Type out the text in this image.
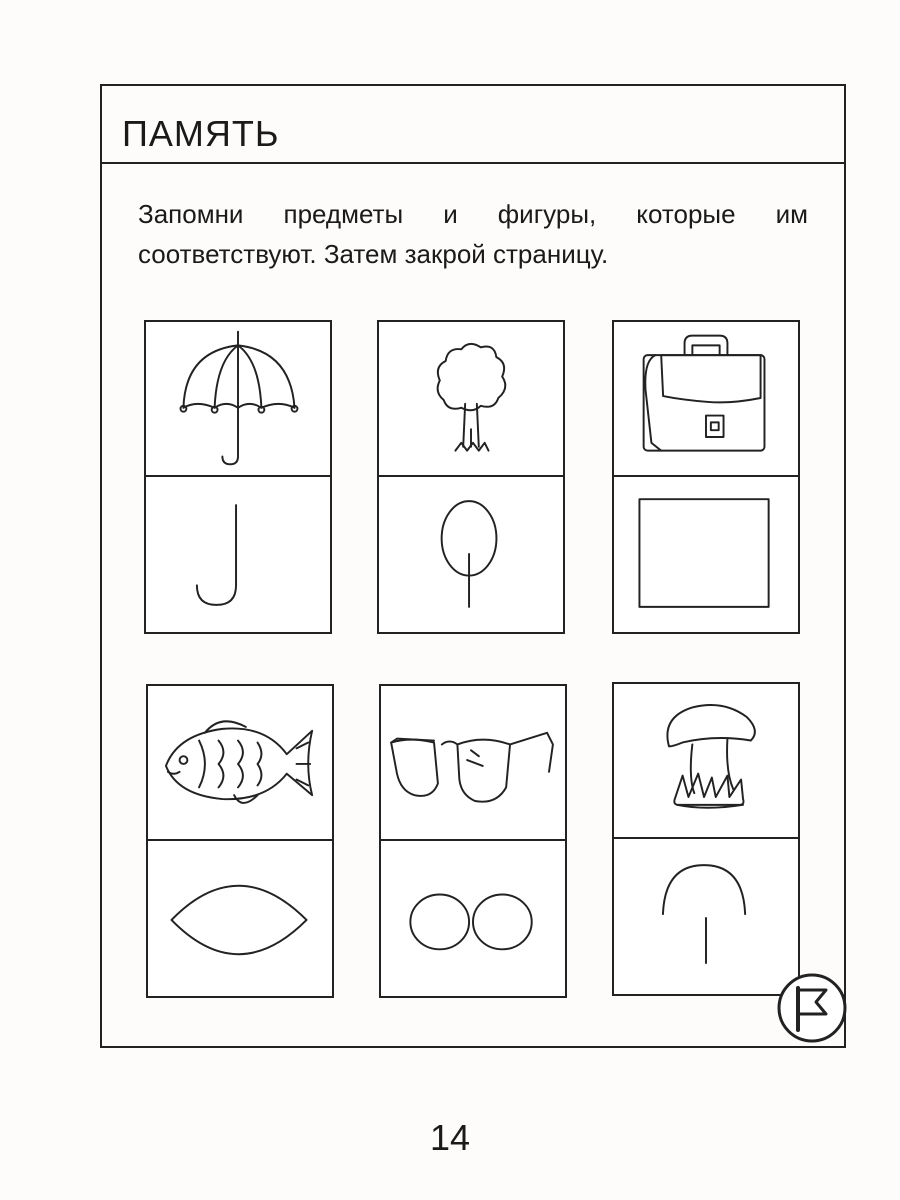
ПАМЯТЬ

Запомни предметы и фигуры, которые им соответствуют. Затем закрой страницу.

14
